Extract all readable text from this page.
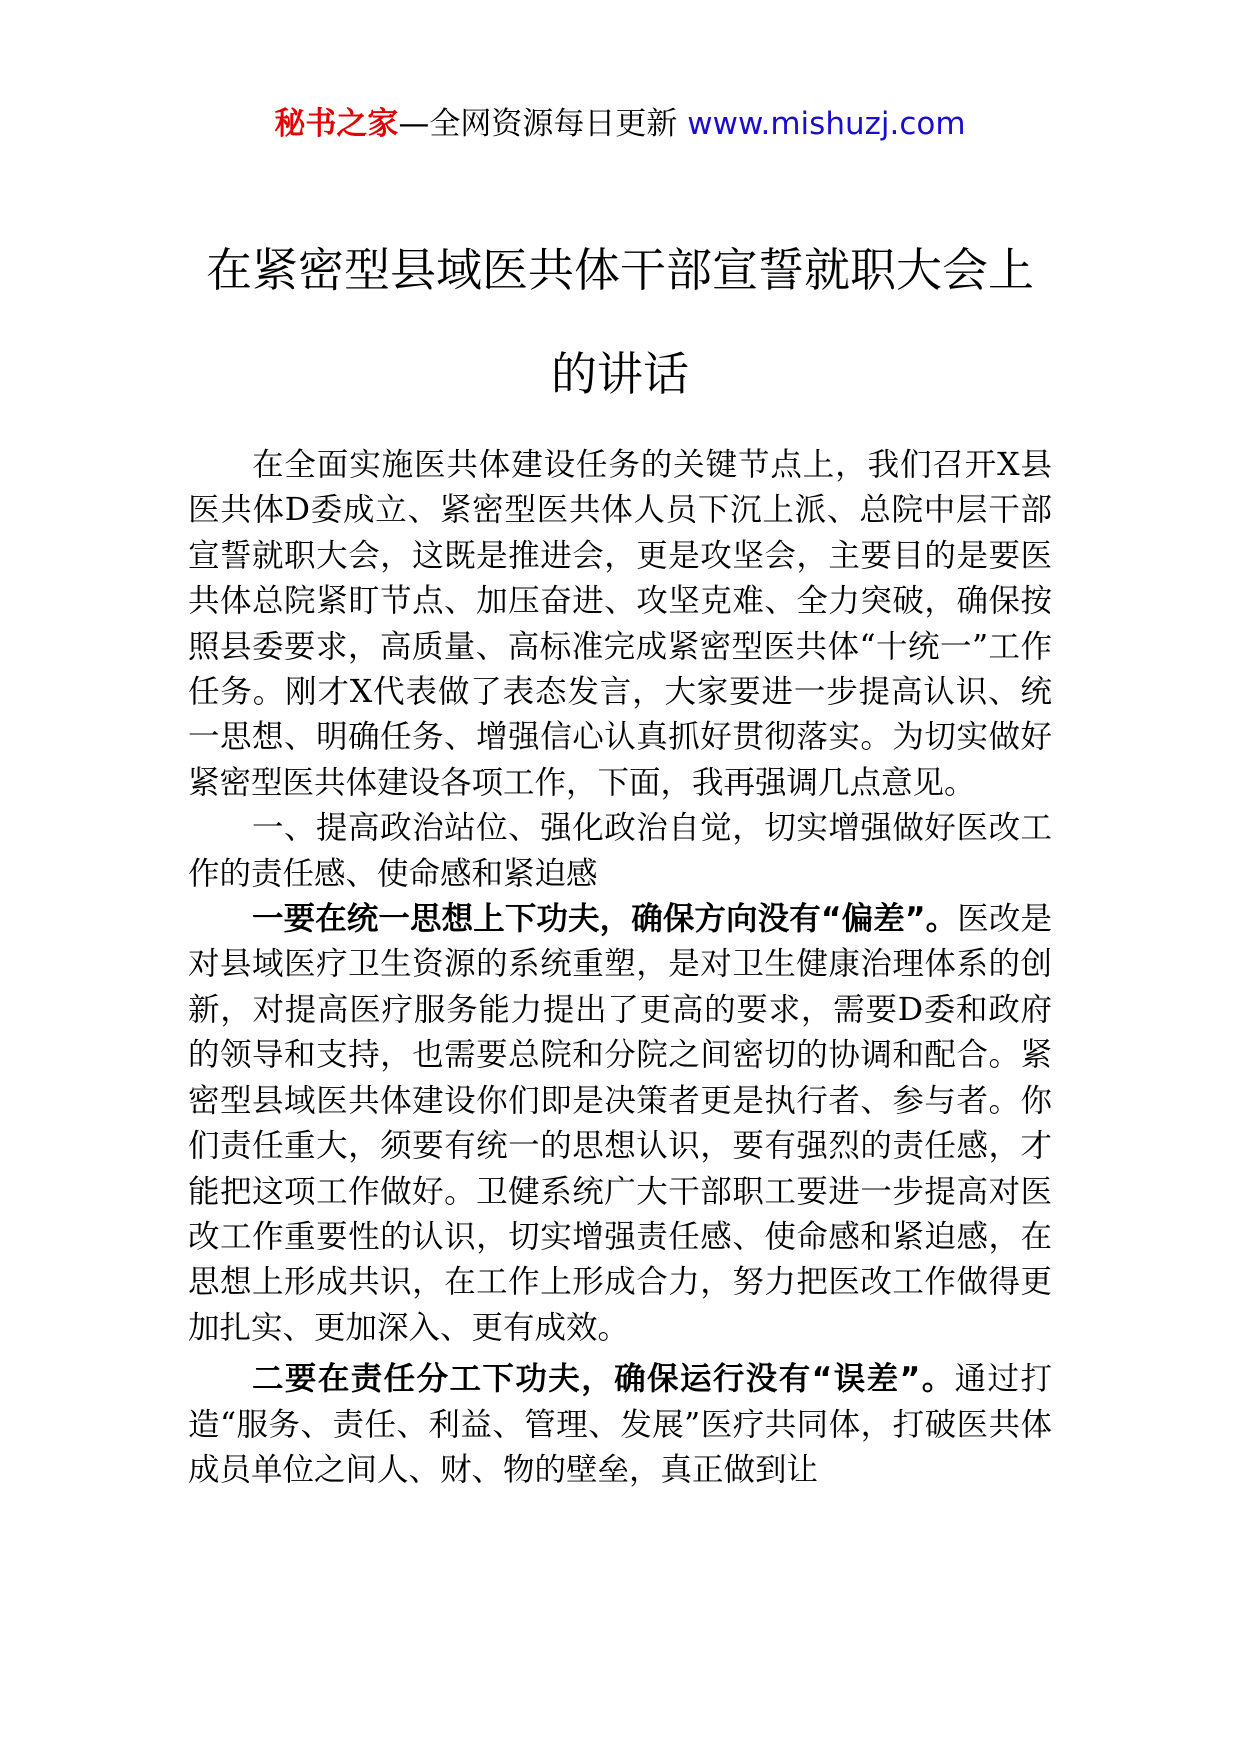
秘书之家—全网资源每日更新 www.mishuzj.com
在紧密型县域医共体干部宣誓就职大会上
的讲话

在全面实施医共体建设任务的关键节点上，我们召开X县医共体D委成立、紧密型医共体人员下沉上派、总院中层干部宣誓就职大会，这既是推进会，更是攻坚会，主要目的是要医共体总院紧盯节点、加压奋进、攻坚克难、全力突破，确保按照县委要求，高质量、高标准完成紧密型医共体“十统一”工作任务。刚才X代表做了表态发言，大家要进一步提高认识、统一思想、明确任务、增强信心认真抓好贯彻落实。为切实做好紧密型医共体建设各项工作，下面，我再强调几点意见。

一、提高政治站位、强化政治自觉，切实增强做好医改工作的责任感、使命感和紧迫感

一要在统一思想上下功夫，确保方向没有“偏差”。医改是对县域医疗卫生资源的系统重塑，是对卫生健康治理体系的创新，对提高医疗服务能力提出了更高的要求，需要D委和政府的领导和支持，也需要总院和分院之间密切的协调和配合。紧密型县域医共体建设你们即是决策者更是执行者、参与者。你们责任重大，须要有统一的思想认识，要有强烈的责任感，才能把这项工作做好。卫健系统广大干部职工要进一步提高对医改工作重要性的认识，切实增强责任感、使命感和紧迫感，在思想上形成共识，在工作上形成合力，努力把医改工作做得更加扎实、更加深入、更有成效。

二要在责任分工下功夫，确保运行没有“误差”。通过打造“服务、责任、利益、管理、发展”医疗共同体，打破医共体成员单位之间人、财、物的壁垒，真正做到让
